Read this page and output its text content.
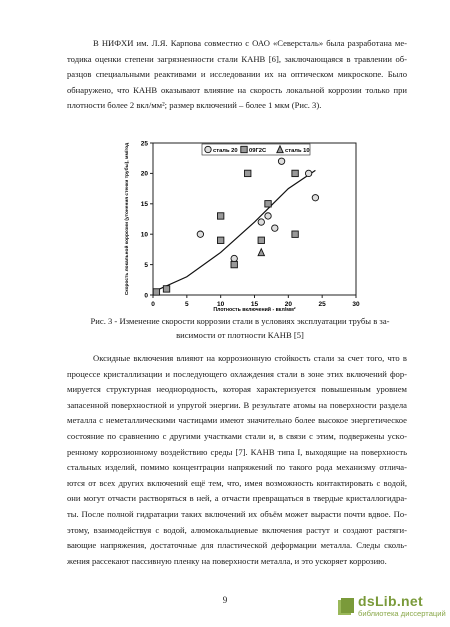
В НИФХИ им. Л.Я. Карпова совместно с ОАО «Северсталь» была разработана ме-
тодика оценки степени загрязненности стали КАНВ [6], заключающаяся в травлении об-
разцов специальными реактивами и исследовании их на оптическом микроскопе. Было
обнаружено, что КАНВ оказывают влияние на скорость локальной коррозии только при
плотности более 2 вкл/мм²; размер включений – более 1 мкм (Рис. 3).
0	5	10	15	20	25	30
0
5
10
15
20
25
Плотность включений - вкл/мм²
Скорость локальной коррозии (утонения стенки трубы), мм/год	сталь 20 09Г2С	сталь 10
Рис. 3 - Изменение скорости коррозии стали в условиях эксплуатации трубы в за-
висимости от плотности КАНВ [5]
Оксидные включения влияют на коррозионную стойкость стали за счет того, что в
процессе кристаллизации и последующего охлаждения стали в зоне этих включений фор-
мируется структурная неоднородность, которая характеризуется повышенным уровнем
запасенной поверхностной и упругой энергии. В результате атомы на поверхности раздела
металла с неметаллическими частицами имеют значительно более высокое энергетическое
состояние по сравнению с другими участками стали и, в связи с этим, подвержены ускo-
ренному коррозионному воздействию среды [7]. КАНВ типа I, выходящие на поверхность
стальных изделий, помимо концентрации напряжений по такого рода механизму отлича-
ются от всех других включений ещё тем, что, имея возможность контактировать с водой,
они могут отчасти растворяться в ней, а отчасти превращаться в твердые кристаллогидра-
ты. После полной гидратации таких включений их объём может вырасти почти вдвое. По-
этому, взаимодействуя с водой, алюмокальциевые включения растут и создают растяги-
вающие напряжения, достаточные для пластической деформации металла. Следы сколь-
жения рассекают пассивную пленку на поверхности металла, и это ускоряет коррозию.
9	dsLib.net
библиотека диссертаций
